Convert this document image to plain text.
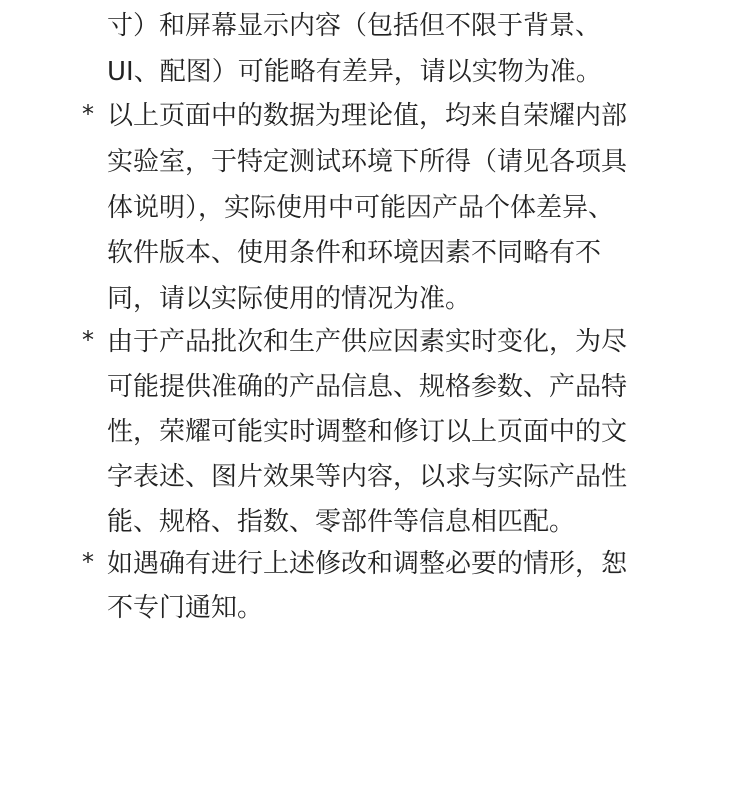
寸）和屏幕显示内容（包括但不限于背景、
UI、配图）可能略有差异，请以实物为准。
* 以上页面中的数据为理论值，均来自荣耀内部
实验室，于特定测试环境下所得（请见各项具
体说明），实际使用中可能因产品个体差异、
软件版本、使用条件和环境因素不同略有不
同，请以实际使用的情况为准。
* 由于产品批次和生产供应因素实时变化，为尽
可能提供准确的产品信息、规格参数、产品特
性，荣耀可能实时调整和修订以上页面中的文
字表述、图片效果等内容，以求与实际产品性
能、规格、指数、零部件等信息相匹配。
* 如遇确有进行上述修改和调整必要的情形，恕
不专门通知。
